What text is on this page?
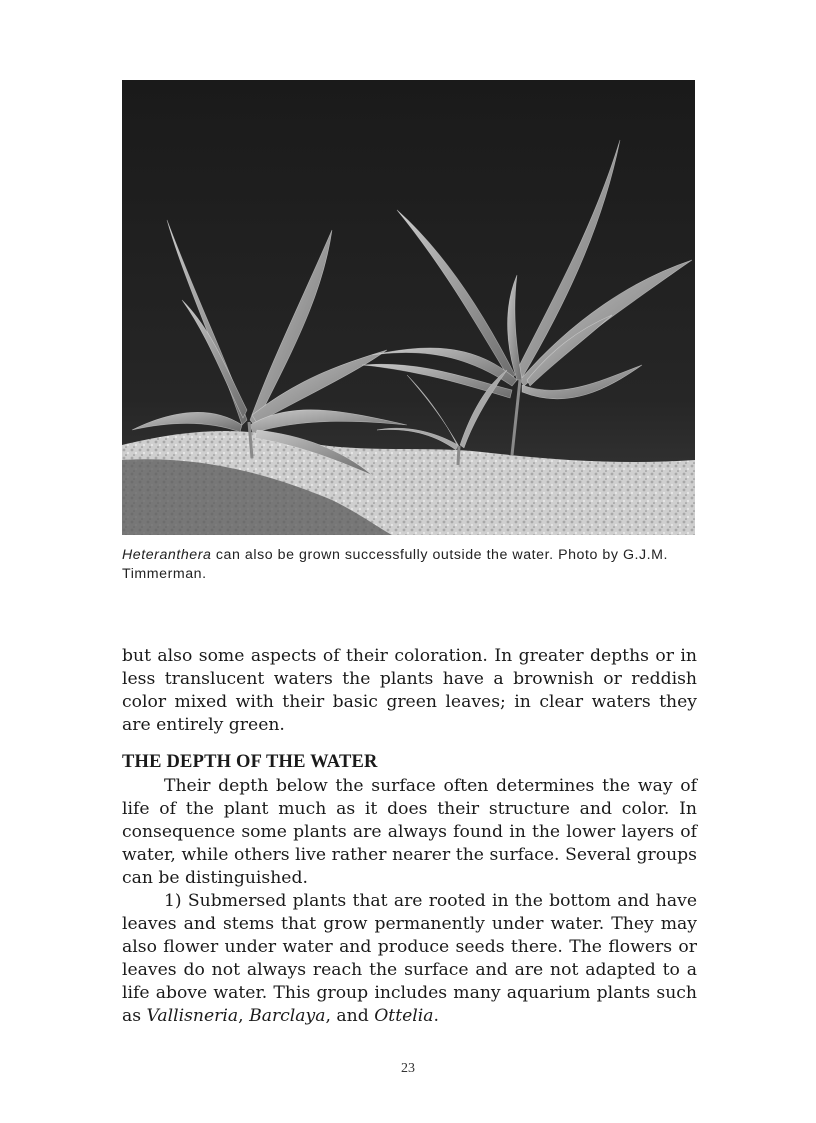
Heteranthera can also be grown successfully outside the water. Photo by G.J.M. Timmerman.

but also some aspects of their coloration. In greater depths or in less translucent waters the plants have a brownish or reddish color mixed with their basic green leaves; in clear waters they are entirely green.

THE DEPTH OF THE WATER

Their depth below the surface often determines the way of life of the plant much as it does their structure and color. In consequence some plants are always found in the lower layers of water, while others live rather nearer the surface. Several groups can be distinguished.

1) Submersed plants that are rooted in the bottom and have leaves and stems that grow permanently under water. They may also flower under water and produce seeds there. The flowers or leaves do not always reach the surface and are not adapted to a life above water. This group includes many aquarium plants such as Vallisneria, Barclaya, and Ottelia.

23
